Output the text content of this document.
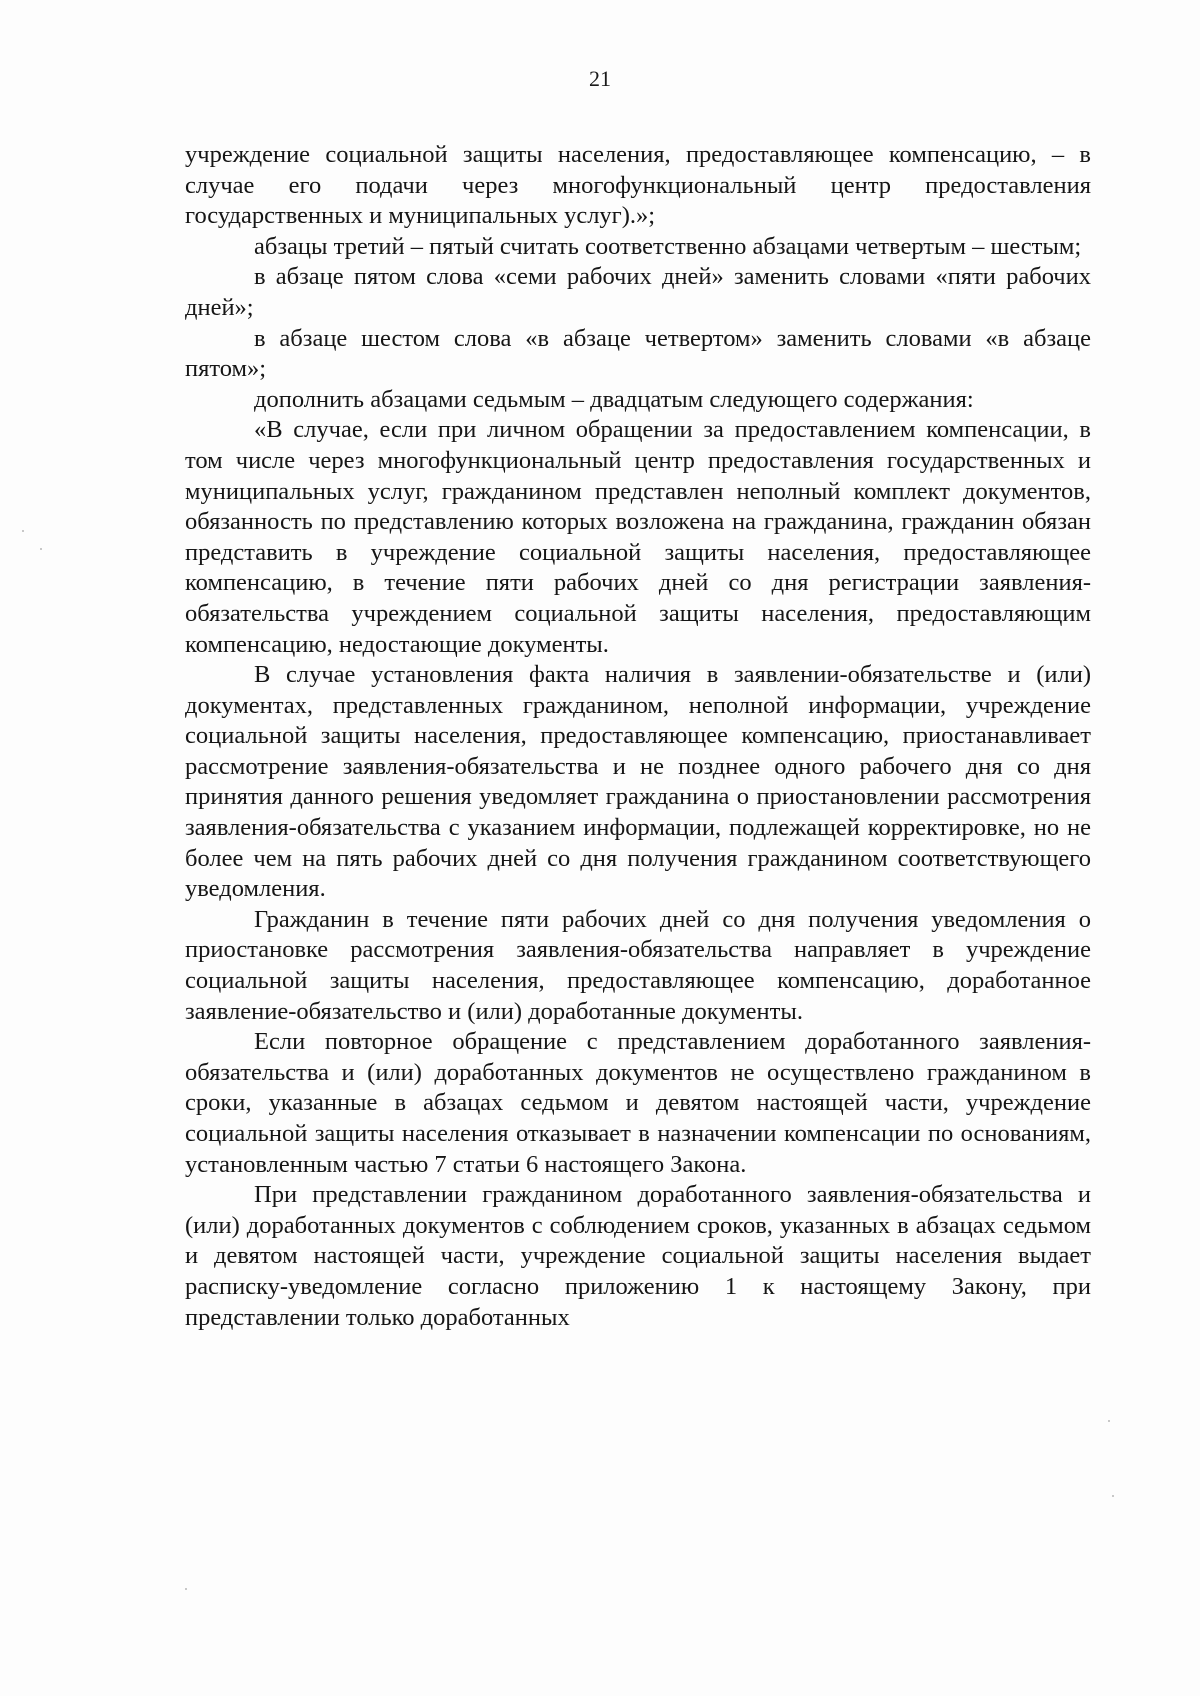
21

учреждение социальной защиты населения, предоставляющее компенсацию, – в случае его подачи через многофункциональный центр предоставления государственных и муниципальных услуг).»;

абзацы третий – пятый считать соответственно абзацами четвертым – шестым;

в абзаце пятом слова «семи рабочих дней» заменить словами «пяти рабочих дней»;

в абзаце шестом слова «в абзаце четвертом» заменить словами «в абзаце пятом»;

дополнить абзацами седьмым – двадцатым следующего содержания:

«В случае, если при личном обращении за предоставлением компенсации, в том числе через многофункциональный центр предоставления государственных и муниципальных услуг, гражданином представлен неполный комплект документов, обязанность по представлению которых возложена на гражданина, гражданин обязан представить в учреждение социальной защиты населения, предоставляющее компенсацию, в течение пяти рабочих дней со дня регистрации заявления-обязательства учреждением социальной защиты населения, предоставляющим компенсацию, недостающие документы.

В случае установления факта наличия в заявлении-обязательстве и (или) документах, представленных гражданином, неполной информации, учреждение социальной защиты населения, предоставляющее компенсацию, приостанавливает рассмотрение заявления-обязательства и не позднее одного рабочего дня со дня принятия данного решения уведомляет гражданина о приостановлении рассмотрения заявления-обязательства с указанием информации, подлежащей корректировке, но не более чем на пять рабочих дней со дня получения гражданином соответствующего уведомления.

Гражданин в течение пяти рабочих дней со дня получения уведомления о приостановке рассмотрения заявления-обязательства направляет в учреждение социальной защиты населения, предоставляющее компенсацию, доработанное заявление-обязательство и (или) доработанные документы.

Если повторное обращение с представлением доработанного заявления-обязательства и (или) доработанных документов не осуществлено гражданином в сроки, указанные в абзацах седьмом и девятом настоящей части, учреждение социальной защиты населения отказывает в назначении компенсации по основаниям, установленным частью 7 статьи 6 настоящего Закона.

При представлении гражданином доработанного заявления-обязательства и (или) доработанных документов с соблюдением сроков, указанных в абзацах седьмом и девятом настоящей части, учреждение социальной защиты населения выдает расписку-уведомление согласно приложению 1 к настоящему Закону, при представлении только доработанных
